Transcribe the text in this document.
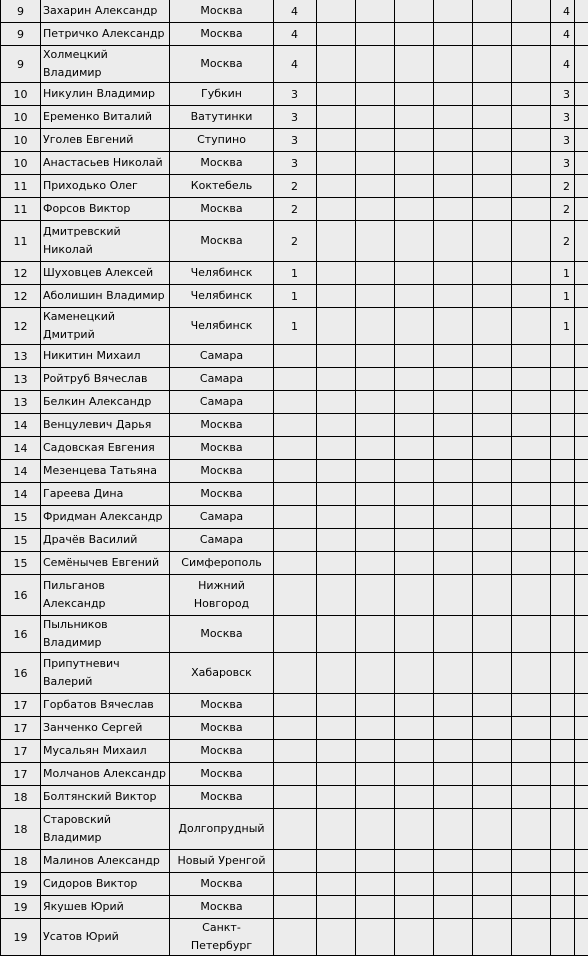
9	Захарин Александр	Москва	4							4	
9	Петричко Александр	Москва	4							4	
9	Холмецкий Владимир	Москва	4							4	
10	Никулин Владимир	Губкин	3							3	
10	Еременко Виталий	Ватутинки	3							3	
10	Уголев Евгений	Ступино	3							3	
10	Анастасьев Николай	Москва	3							3	
11	Приходько Олег	Коктебель	2							2	
11	Форсов Виктор	Москва	2							2	
11	Дмитревский Николай	Москва	2							2	
12	Шуховцев Алексей	Челябинск	1							1	
12	Аболишин Владимир	Челябинск	1							1	
12	Каменецкий Дмитрий	Челябинск	1							1	
13	Никитин Михаил	Самара									
13	Ройтруб Вячеслав	Самара									
13	Белкин Александр	Самара									
14	Венцулевич Дарья	Москва									
14	Садовская Евгения	Москва									
14	Мезенцева Татьяна	Москва									
14	Гареева Дина	Москва									
15	Фридман Александр	Самара									
15	Драчёв Василий	Самара									
15	Семёнычев Евгений	Симферополь									
16	Пильганов Александр	Нижний Новгород									
16	Пыльников Владимир	Москва									
16	Припутневич Валерий	Хабаровск									
17	Горбатов Вячеслав	Москва									
17	Занченко Сергей	Москва									
17	Мусальян Михаил	Москва									
17	Молчанов Александр	Москва									
18	Болтянский Виктор	Москва									
18	Старовский Владимир	Долгопрудный									
18	Малинов Александр	Новый Уренгой									
19	Сидоров Виктор	Москва									
19	Якушев Юрий	Москва									
19	Усатов Юрий	Санкт-Петербург									
